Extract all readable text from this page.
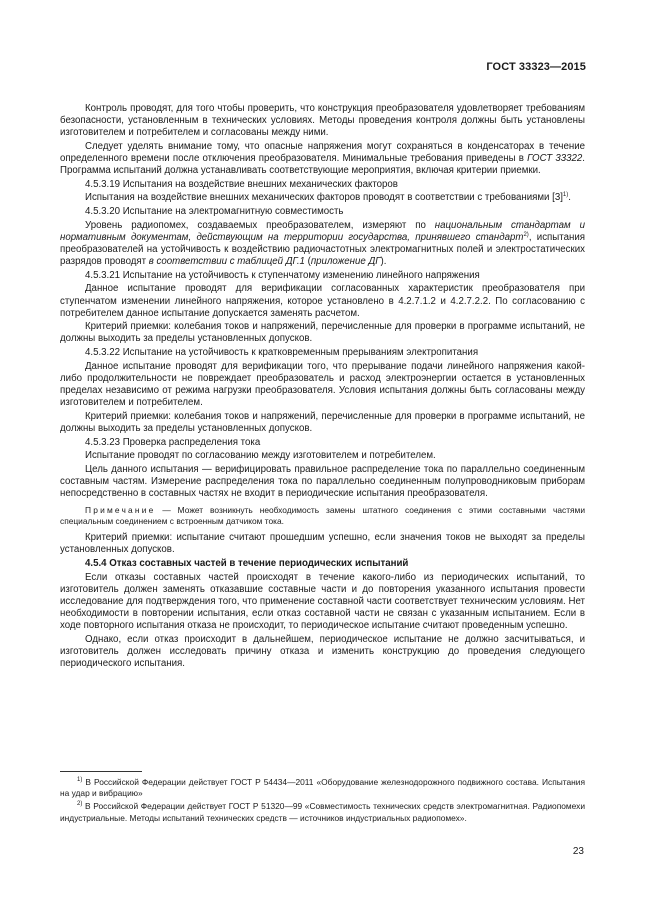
ГОСТ 33323—2015

Контроль проводят, для того чтобы проверить, что конструкция преобразователя удовлетворяет требованиям безопасности, установленным в технических условиях. Методы проведения контроля должны быть установлены изготовителем и потребителем и согласованы между ними.

Следует уделять внимание тому, что опасные напряжения могут сохраняться в конденсаторах в течение определенного времени после отключения преобразователя. Минимальные требования приведены в ГОСТ 33322. Программа испытаний должна устанавливать соответствующие мероприятия, включая критерии приемки.

4.5.3.19 Испытания на воздействие внешних механических факторов

Испытания на воздействие внешних механических факторов проводят в соответствии с требованиями $[3]^{1)}$.

4.5.3.20 Испытание на электромагнитную совместимость

Уровень радиопомех, создаваемых преобразователем, измеряют по национальным стандартам и нормативным документам, действующим на территории государства, принявшего стандарт$^{2)}$, испытания преобразователей на устойчивость к воздействию радиочастотных электромагнитных полей и электростатических разрядов проводят в соответствии с таблицей ДГ.1 (приложение ДГ).

4.5.3.21 Испытание на устойчивость к ступенчатому изменению линейного напряжения

Данное испытание проводят для верификации согласованных характеристик преобразователя при ступенчатом изменении линейного напряжения, которое установлено в 4.2.7.1.2 и 4.2.7.2.2. По согласованию с потребителем данное испытание допускается заменять расчетом.

Критерий приемки: колебания токов и напряжений, перечисленные для проверки в программе испытаний, не должны выходить за пределы установленных допусков.

4.5.3.22 Испытание на устойчивость к кратковременным прерываниям электропитания

Данное испытание проводят для верификации того, что прерывание подачи линейного напряжения какой-либо продолжительности не повреждает преобразователь и расход электроэнергии остается в установленных пределах независимо от режима нагрузки преобразователя. Условия испытания должны быть согласованы между изготовителем и потребителем.

Критерий приемки: колебания токов и напряжений, перечисленные для проверки в программе испытаний, не должны выходить за пределы установленных допусков.

4.5.3.23 Проверка распределения тока

Испытание проводят по согласованию между изготовителем и потребителем.

Цель данного испытания — верифицировать правильное распределение тока по параллельно соединенным составным частям. Измерение распределения тока по параллельно соединенным полупроводниковым приборам непосредственно в составных частях не входит в периодические испытания преобразователя.

Примечание — Может возникнуть необходимость замены штатного соединения с этими составными частями специальным соединением с встроенным датчиком тока.

Критерий приемки: испытание считают прошедшим успешно, если значения токов не выходят за пределы установленных допусков.

4.5.4 Отказ составных частей в течение периодических испытаний

Если отказы составных частей происходят в течение какого-либо из периодических испытаний, то изготовитель должен заменять отказавшие составные части и до повторения указанного испытания провести исследование для подтверждения того, что применение составной части соответствует техническим условиям. Нет необходимости в повторении испытания, если отказ составной части не связан с указанным испытанием. Если в ходе повторного испытания отказа не происходит, то периодическое испытание считают проведенным успешно.

Однако, если отказ происходит в дальнейшем, периодическое испытание не должно засчитываться, и изготовитель должен исследовать причину отказа и изменить конструкцию до проведения следующего периодического испытания.

$^{1)}$ В Российской Федерации действует ГОСТ Р 54434—2011 «Оборудование железнодорожного подвижного состава. Испытания на удар и вибрацию»

$^{2)}$ В Российской Федерации действует ГОСТ Р 51320—99 «Совместимость технических средств электромагнитная. Радиопомехи индустриальные. Методы испытаний технических средств — источников индустриальных радиопомех».

23
